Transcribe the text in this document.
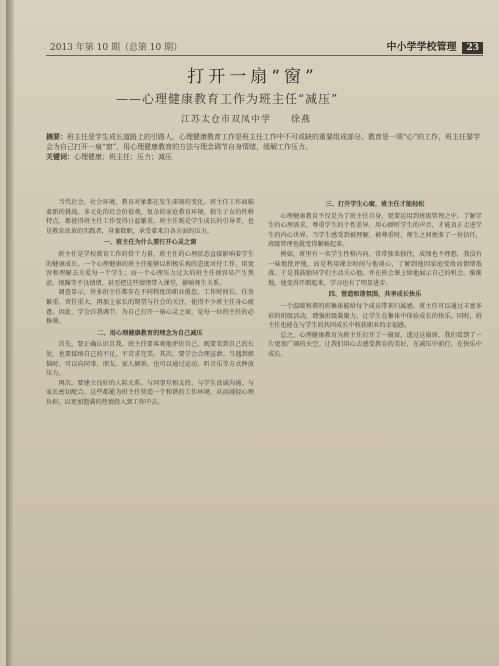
2013 年第 10 期（总第 10 期）	中小学学校管理 23
打开一扇“窗”
——心理健康教育工作为班主任“减压”
江苏太仓市双凤中学　　徐燕
摘要：班主任是学生成长道路上的引路人，心理健康教育工作是班主任工作中不可或缺的重要组成部分。教育是一项“心”的工作，班主任要学会为自己打开一扇“窗”，用心理健康教育的方法与理念调节自身情绪，缓解工作压力。
关键词：心理健康；班主任；压力；减压

当代社会，社会环境、教育对象都在发生深刻的变化，班主任工作面临着新的挑战。多元化的社会价值观，复杂的家庭教育环境，独生子女的性格特点，都使得班主任工作变得日益繁重。班主任既是学生成长的引导者，也是教育改革的实践者，身兼数职，承受着来自各方面的压力。

一、班主任为什么要打开心灵之窗

班主任是学校教育工作的骨干力量，班主任的心理状态直接影响着学生的健康成长。一个心理健康的班主任能够以积极乐观的态度对待工作，用宽容和理解去关爱每一个学生；而一个心理压力过大的班主任则容易产生焦虑、烦躁等不良情绪，甚至把这些情绪带入课堂，影响师生关系。

调查显示，许多班主任都存在不同程度的职业倦怠。工作时间长、任务繁重、责任重大，再加上家长的期望与社会的关注，使得不少班主任身心疲惫。因此，学会自我调节，为自己打开一扇心灵之窗，是每一位班主任的必修课。

二、用心理健康教育的理念为自己减压

首先，要正确认识自我。班主任要客观地评价自己，既要看到自己的长处，也要接纳自己的不足，不苛求完美。其次，要学会合理宣泄。当遇到烦恼时，可以向同事、朋友、家人倾诉，也可以通过运动、听音乐等方式释放压力。

再次，要建立良好的人际关系。与同事互相支持、与学生真诚沟通、与家长密切配合，这些都能为班主任营造一个和谐的工作环境，从而减轻心理负担，以更加饱满的热情投入到工作中去。

三、打开学生心窗，班主任才能轻松

心理健康教育不仅是为了班主任自身，更要运用到班级管理之中。了解学生的心理需求，尊重学生的个性差异，用心倾听学生的声音，才能真正走进学生的内心世界。当学生感受到被理解、被尊重时，师生之间便多了一份信任，班级管理也就变得顺畅起来。

例如，班里有一名学生性格内向，常常独来独往，成绩也不理想。我没有一味地批评他，而是利用课余时间与他谈心，了解到他因家庭变故而情绪低落。于是我鼓励同学们主动关心他，并在班会课上给他展示自己的机会。渐渐地，他变得开朗起来，学习也有了明显进步。

四、营造和谐氛围，共享成长快乐

一个温暖和谐的班集体能给每个成员带来归属感。班主任可以通过丰富多彩的班级活动，增强班级凝聚力，让学生在集体中体验成长的快乐。同时，班主任也能在与学生的共同成长中收获职业的幸福感。

总之，心理健康教育为班主任打开了一扇窗，透过这扇窗，我们看到了一片更加广阔的天空。让我们用心去感受教育的美好，在减压中前行，在快乐中成长。
